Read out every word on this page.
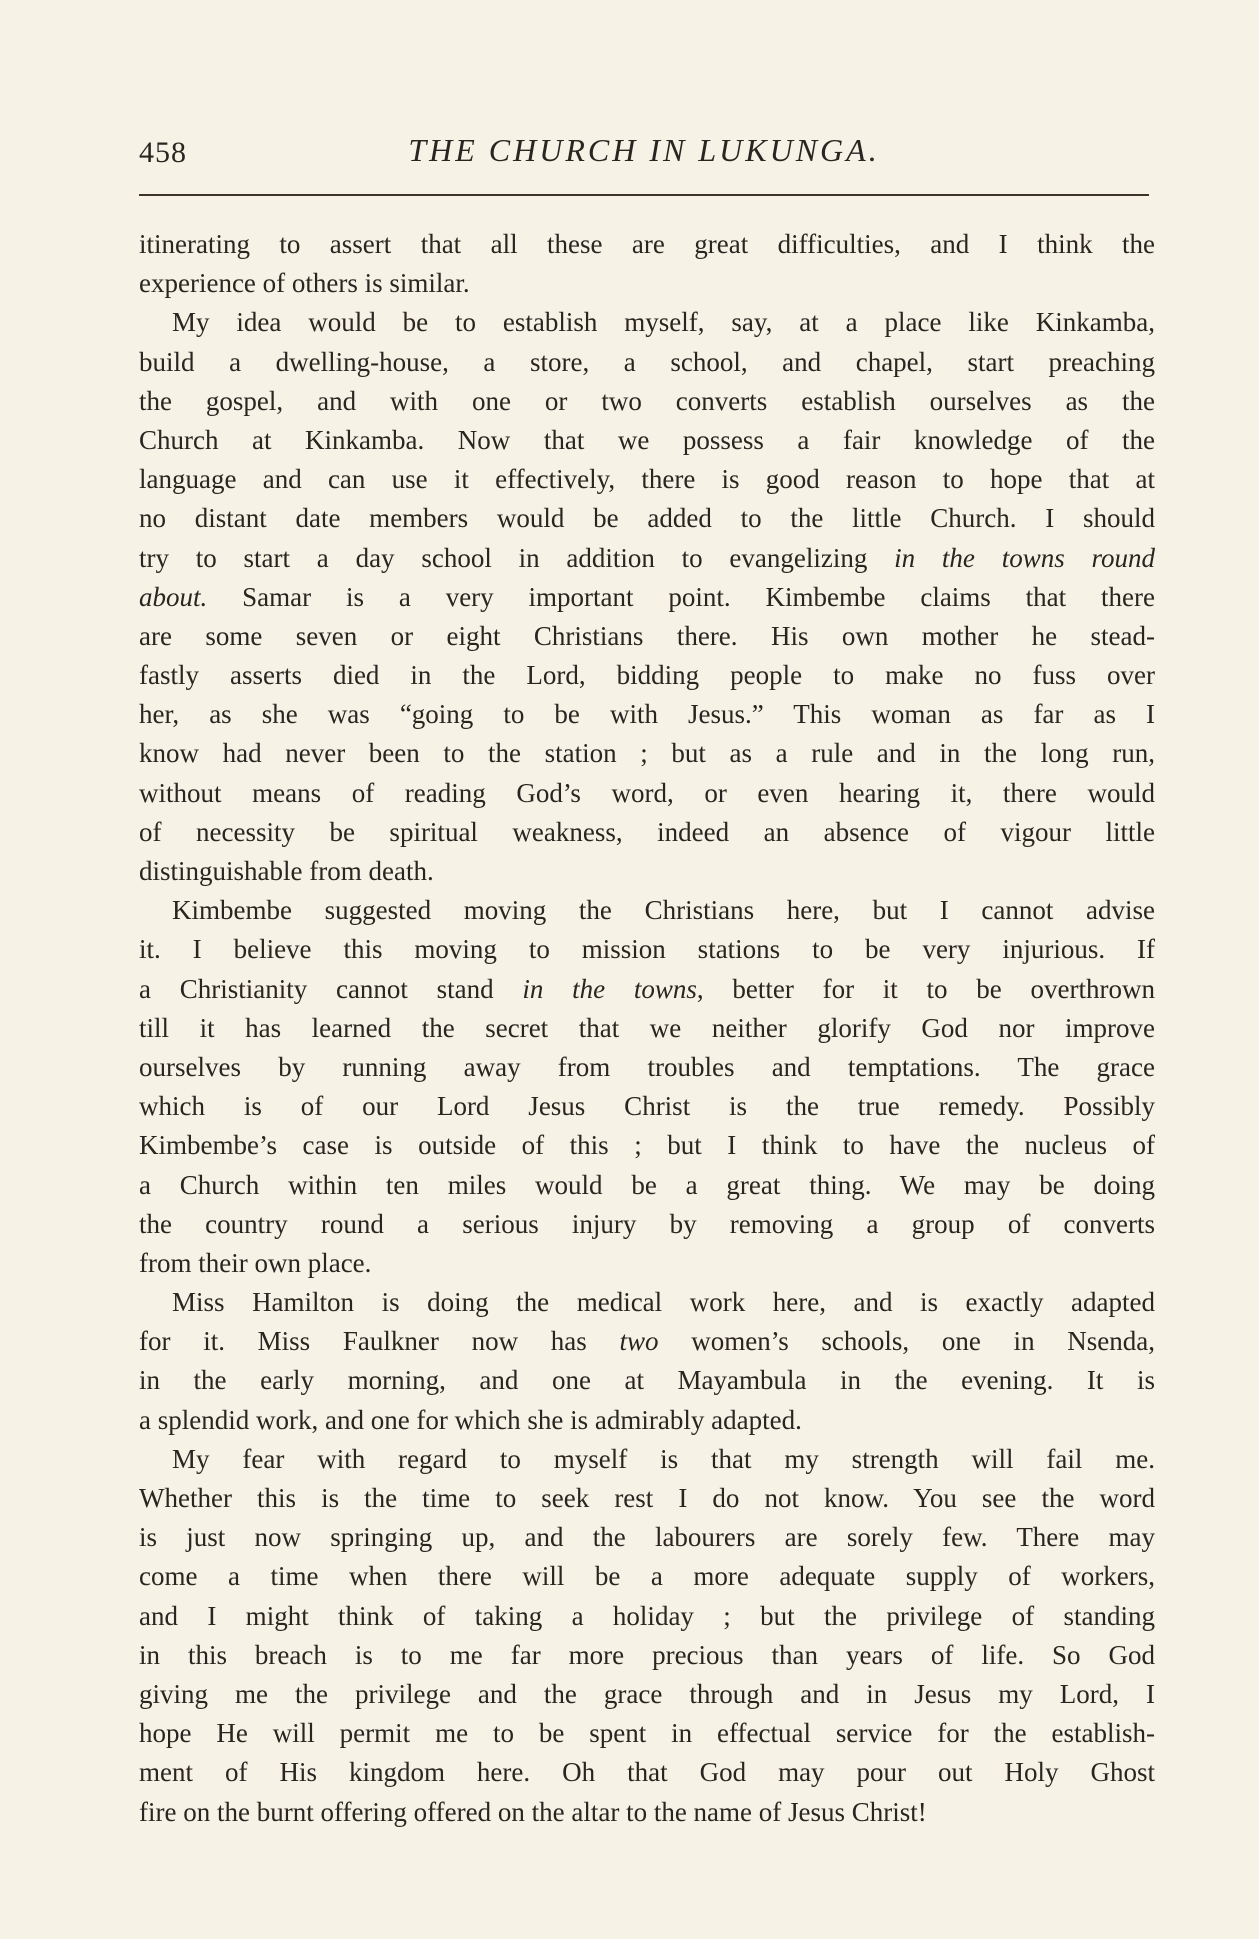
458	THE CHURCH IN LUKUNGA.
itinerating to assert that all these are great difficulties, and I think the
experience of others is similar.
My idea would be to establish myself, say, at a place like Kinkamba,
build a dwelling-house, a store, a school, and chapel, start preaching
the gospel, and with one or two converts establish ourselves as the
Church at Kinkamba. Now that we possess a fair knowledge of the
language and can use it effectively, there is good reason to hope that at
no distant date members would be added to the little Church. I should
try to start a day school in addition to evangelizing in the towns round
about. Samar is a very important point. Kimbembe claims that there
are some seven or eight Christians there. His own mother he stead-
fastly asserts died in the Lord, bidding people to make no fuss over
her, as she was “going to be with Jesus.” This woman as far as I
know had never been to the station ; but as a rule and in the long run,
without means of reading God’s word, or even hearing it, there would
of necessity be spiritual weakness, indeed an absence of vigour little
distinguishable from death.
Kimbembe suggested moving the Christians here, but I cannot advise
it. I believe this moving to mission stations to be very injurious. If
a Christianity cannot stand in the towns, better for it to be overthrown
till it has learned the secret that we neither glorify God nor improve
ourselves by running away from troubles and temptations. The grace
which is of our Lord Jesus Christ is the true remedy. Possibly
Kimbembe’s case is outside of this ; but I think to have the nucleus of
a Church within ten miles would be a great thing. We may be doing
the country round a serious injury by removing a group of converts
from their own place.
Miss Hamilton is doing the medical work here, and is exactly adapted
for it. Miss Faulkner now has two women’s schools, one in Nsenda,
in the early morning, and one at Mayambula in the evening. It is
a splendid work, and one for which she is admirably adapted.
My fear with regard to myself is that my strength will fail me.
Whether this is the time to seek rest I do not know. You see the word
is just now springing up, and the labourers are sorely few. There may
come a time when there will be a more adequate supply of workers,
and I might think of taking a holiday ; but the privilege of standing
in this breach is to me far more precious than years of life. So God
giving me the privilege and the grace through and in Jesus my Lord, I
hope He will permit me to be spent in effectual service for the establish-
ment of His kingdom here. Oh that God may pour out Holy Ghost
fire on the burnt offering offered on the altar to the name of Jesus Christ!
